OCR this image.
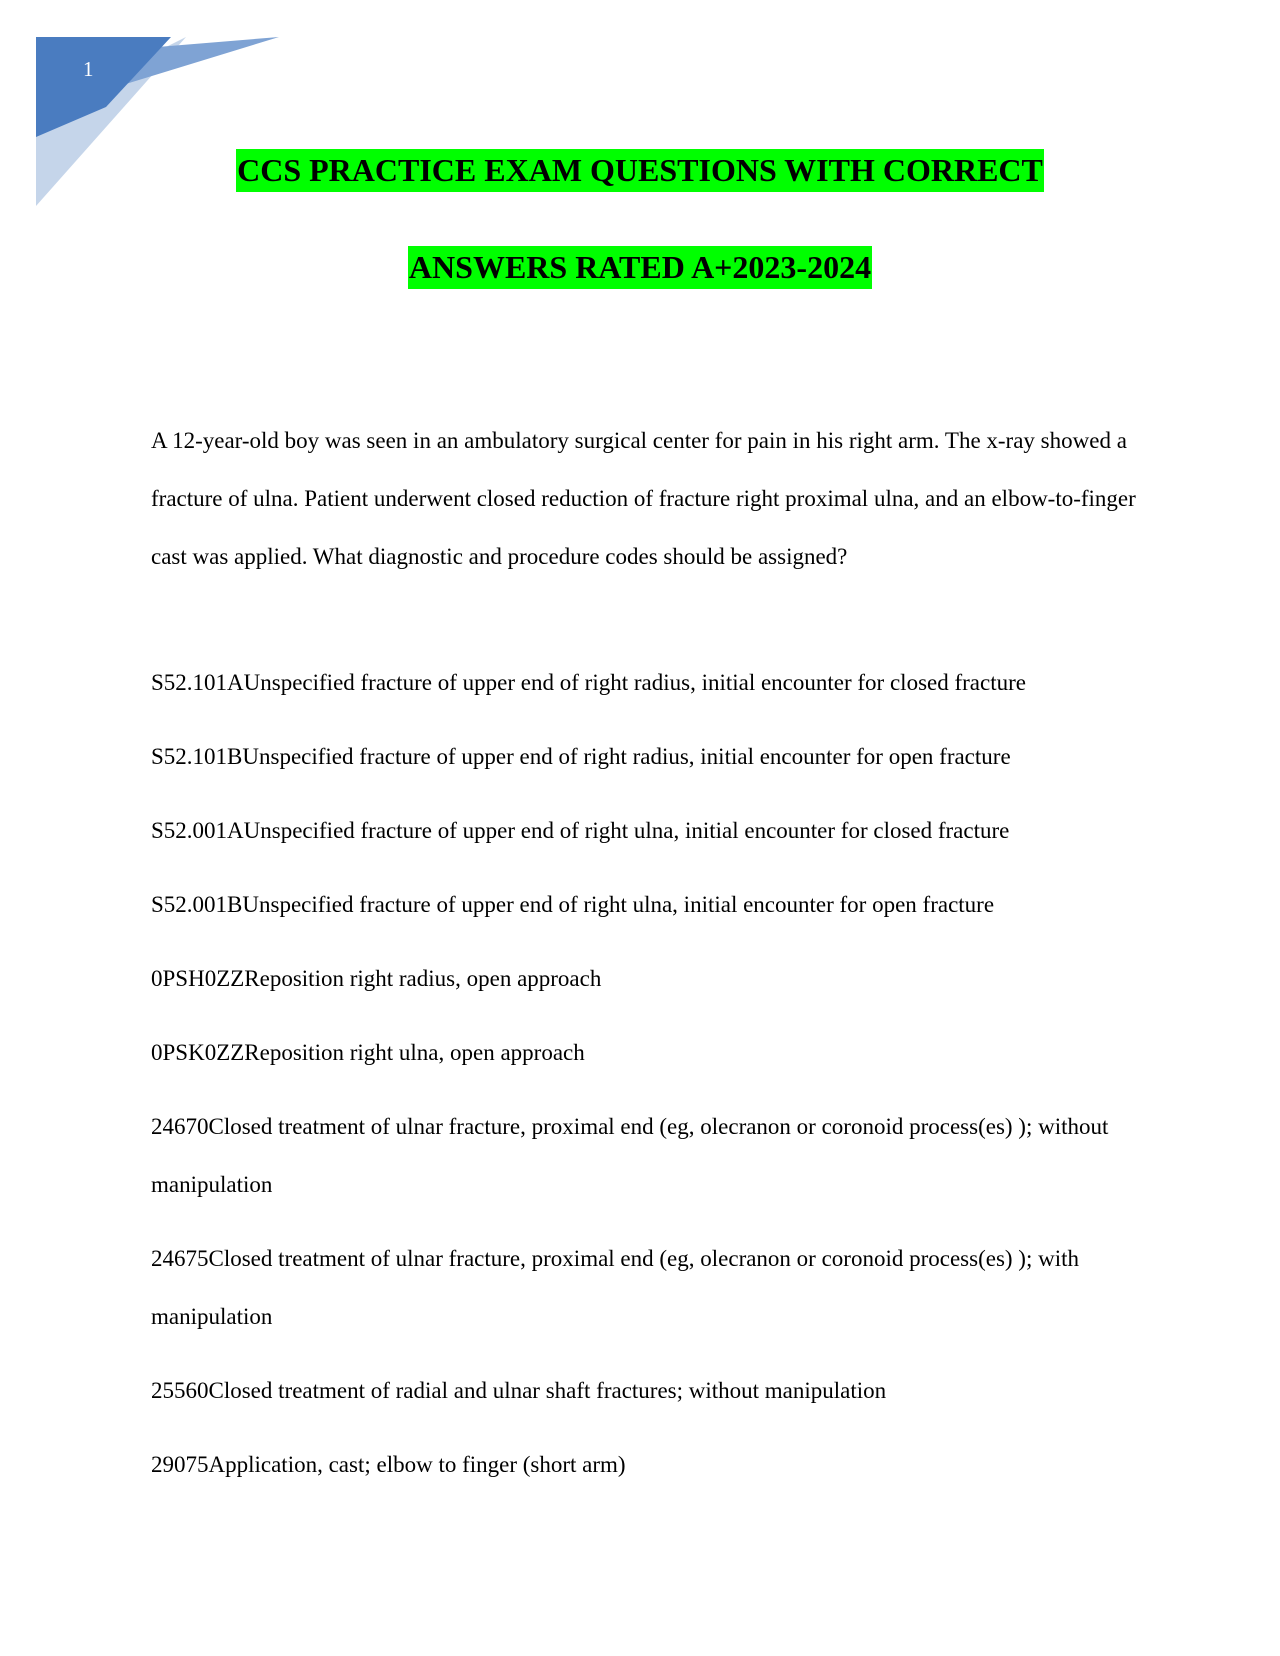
1
CCS PRACTICE EXAM QUESTIONS WITH CORRECT
ANSWERS RATED A+2023-2024
A 12-year-old boy was seen in an ambulatory surgical center for pain in his right arm. The x-ray showed a fracture of ulna. Patient underwent closed reduction of fracture right proximal ulna, and an elbow-to-finger cast was applied. What diagnostic and procedure codes should be assigned?
S52.101AUnspecified fracture of upper end of right radius, initial encounter for closed fracture
S52.101BUnspecified fracture of upper end of right radius, initial encounter for open fracture
S52.001AUnspecified fracture of upper end of right ulna, initial encounter for closed fracture
S52.001BUnspecified fracture of upper end of right ulna, initial encounter for open fracture
0PSH0ZZReposition right radius, open approach
0PSK0ZZReposition right ulna, open approach
24670Closed treatment of ulnar fracture, proximal end (eg, olecranon or coronoid process(es) ); without manipulation
24675Closed treatment of ulnar fracture, proximal end (eg, olecranon or coronoid process(es) ); with manipulation
25560Closed treatment of radial and ulnar shaft fractures; without manipulation
29075Application, cast; elbow to finger (short arm)
